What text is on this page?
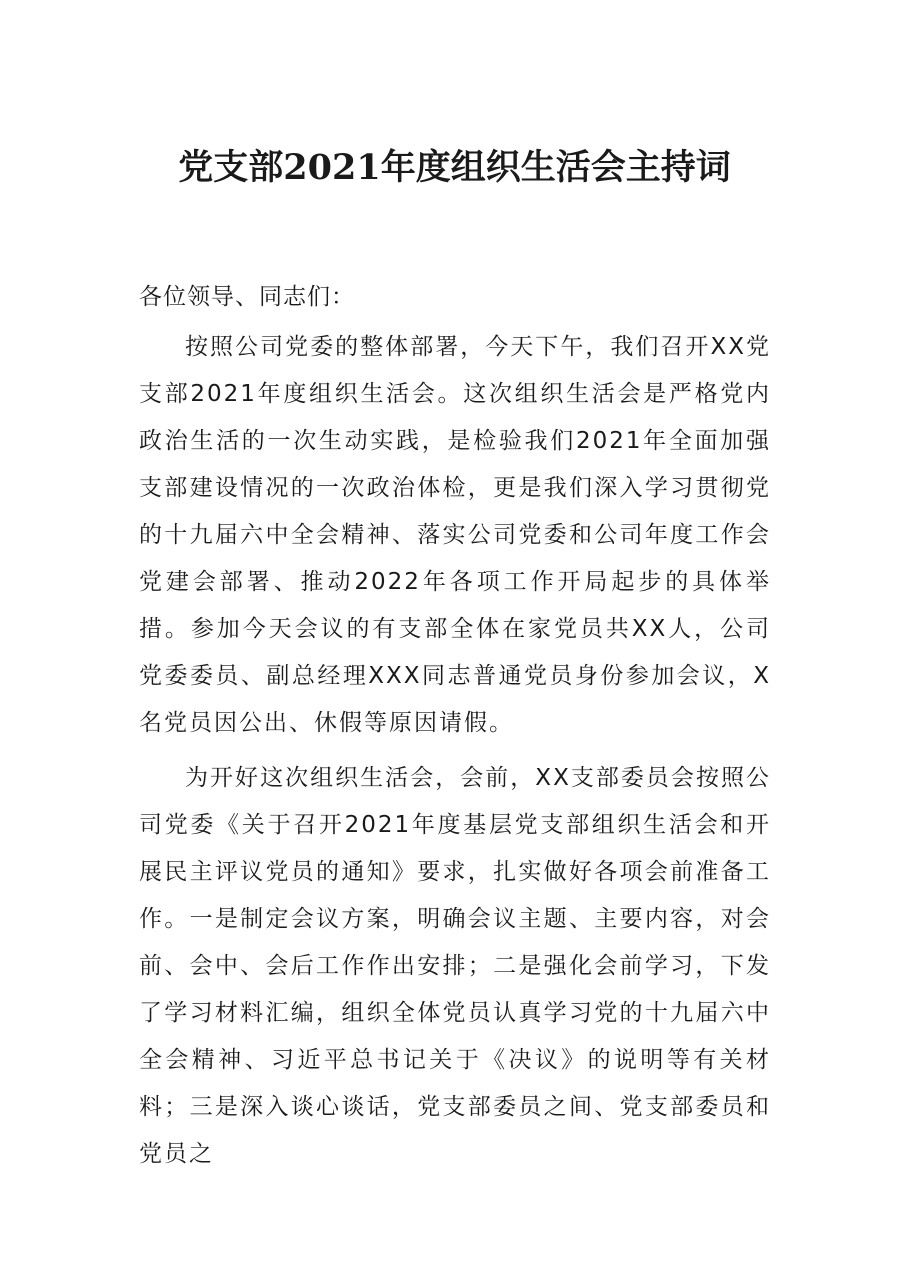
党支部2021年度组织生活会主持词

各位领导、同志们：

按照公司党委的整体部署，今天下午，我们召开XX党支部2021年度组织生活会。这次组织生活会是严格党内政治生活的一次生动实践，是检验我们2021年全面加强支部建设情况的一次政治体检，更是我们深入学习贯彻党的十九届六中全会精神、落实公司党委和公司年度工作会党建会部署、推动2022年各项工作开局起步的具体举措。参加今天会议的有支部全体在家党员共XX人，公司党委委员、副总经理XXX同志普通党员身份参加会议，X名党员因公出、休假等原因请假。

为开好这次组织生活会，会前，XX支部委员会按照公司党委《关于召开2021年度基层党支部组织生活会和开展民主评议党员的通知》要求，扎实做好各项会前准备工作。一是制定会议方案，明确会议主题、主要内容，对会前、会中、会后工作作出安排；二是强化会前学习，下发了学习材料汇编，组织全体党员认真学习党的十九届六中全会精神、习近平总书记关于《决议》的说明等有关材料；三是深入谈心谈话，党支部委员之间、党支部委员和党员之
